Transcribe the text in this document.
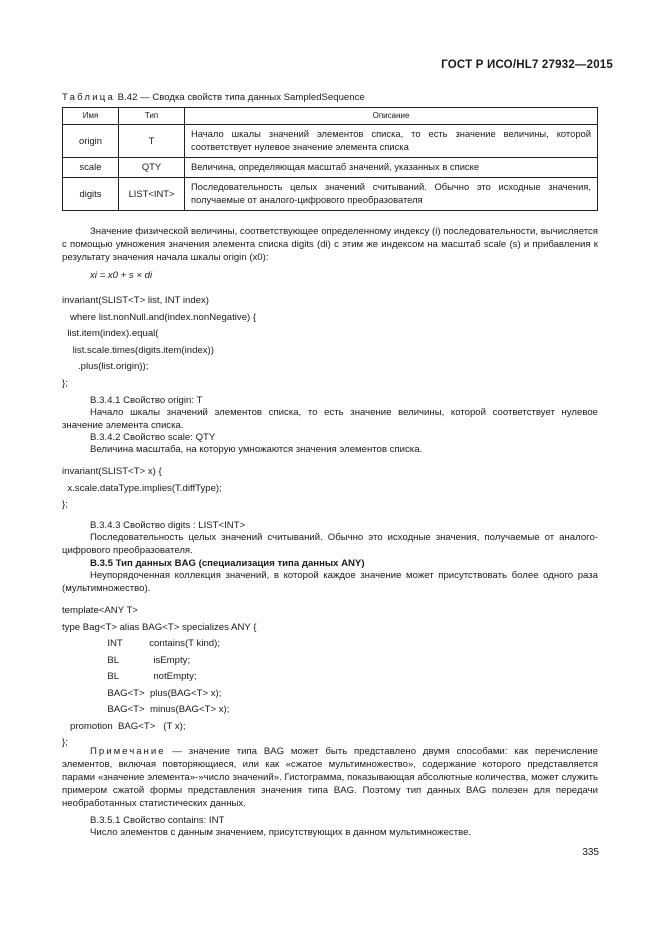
ГОСТ Р ИСО/HL7 27932—2015
Таблица В.42 — Сводка свойств типа данных SampledSequence
Имя	Тип	Описание
origin	T	Начало шкалы значений элементов списка, то есть значение величины, которой соответствует нулевое значение элемента списка
scale	QTY	Величина, определяющая масштаб значений, указанных в списке
digits	LIST<INT>	Последовательность целых значений считываний. Обычно это исходные значения, получаемые от аналого-цифрового преобразователя
Значение физической величины, соответствующее определенному индексу (i) последовательности, вычисляется с помощью умножения значения элемента списка digits (di) с этим же индексом на масштаб scale (s) и прибавления к результату значения начала шкалы origin (x0):
xi = x0 + s × di
invariant(SLIST<T> list, INT index)
where list.nonNull.and(index.nonNegative) {
list.item(index).equal(
list.scale.times(digits.item(index))
.plus(list.origin));
};
В.3.4.1 Свойство origin: Т
Начало шкалы значений элементов списка, то есть значение величины, которой соответствует нулевое значение элемента списка.
В.3.4.2 Свойство scale: QTY
Величина масштаба, на которую умножаются значения элементов списка.
invariant(SLIST<T> x) {
x.scale.dataType.implies(T.diffType);
};
В.3.4.3 Свойство digits : LIST<INT>
Последовательность целых значений считываний. Обычно это исходные значения, получаемые от аналого-цифрового преобразователя.
В.3.5 Тип данных BAG (специализация типа данных ANY)
Неупорядоченная коллекция значений, в которой каждое значение может присутствовать более одного раза (мультимножество).
template<ANY T>
type Bag<T> alias BAG<T> specializes ANY {
INT          contains(T kind);
BL             isEmpty;
BL             notEmpty;
BAG<T>  plus(BAG<T> x);
BAG<T>  minus(BAG<T> x);
promotion  BAG<T>   (T x);
};
Примечание — значение типа BAG может быть представлено двумя способами: как перечисление элементов, включая повторяющиеся, или как «сжатое мультимножество», содержание которого представляется парами «значение элемента»-»число значений». Гистограмма, показывающая абсолютные количества, может служить примером сжатой формы представления значения типа BAG. Поэтому тип данных BAG полезен для передачи необработанных статистических данных.
В.3.5.1 Свойство contains: INT
Число элементов с данным значением, присутствующих в данном мультимножестве.
335
